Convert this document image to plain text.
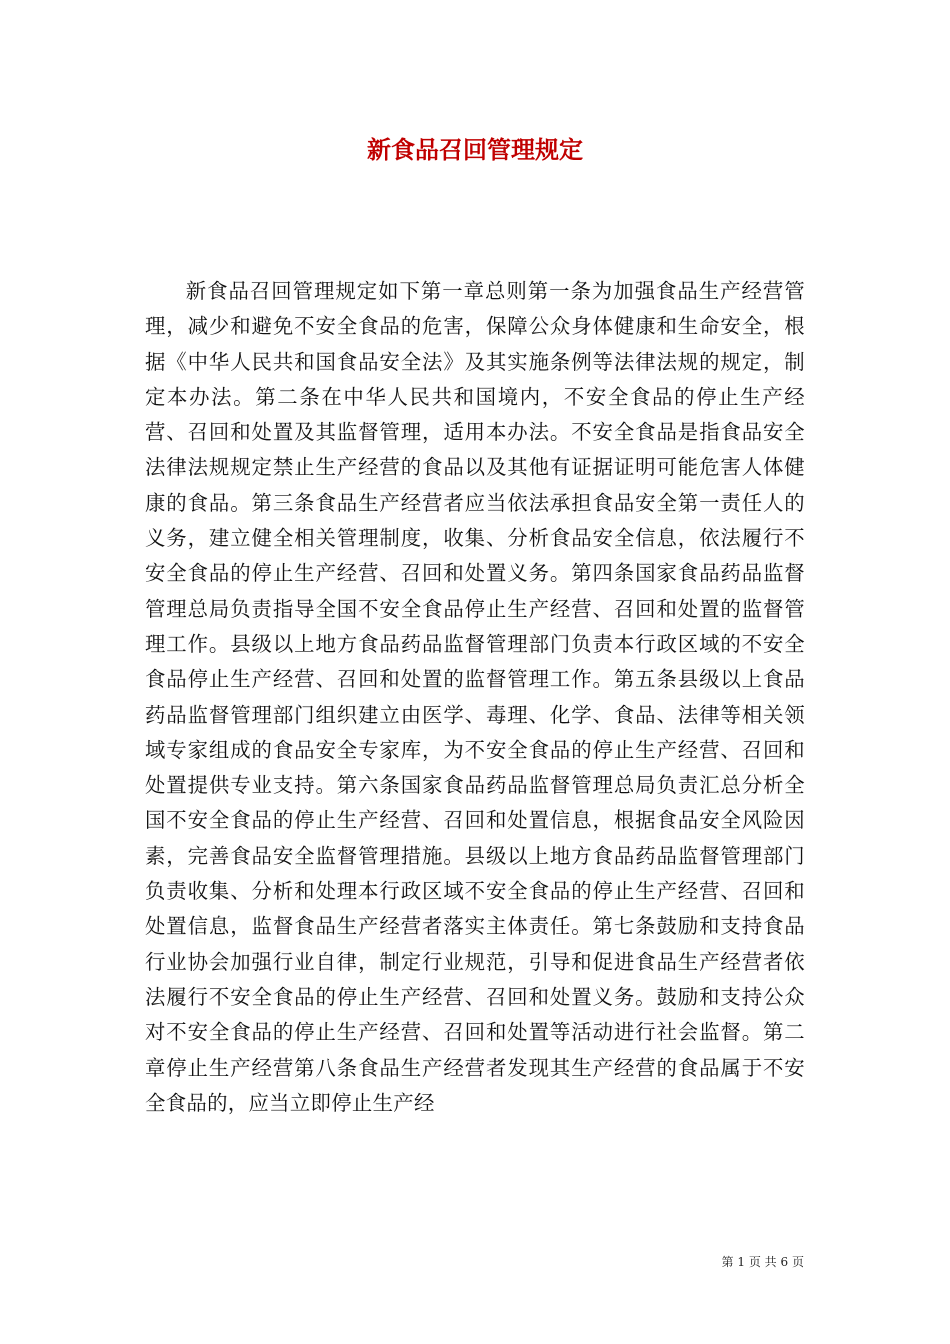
新食品召回管理规定

新食品召回管理规定如下第一章总则第一条为加强食品生产经营管理，减少和避免不安全食品的危害，保障公众身体健康和生命安全，根据《中华人民共和国食品安全法》及其实施条例等法律法规的规定，制定本办法。第二条在中华人民共和国境内，不安全食品的停止生产经营、召回和处置及其监督管理，适用本办法。不安全食品是指食品安全法律法规规定禁止生产经营的食品以及其他有证据证明可能危害人体健康的食品。第三条食品生产经营者应当依法承担食品安全第一责任人的义务，建立健全相关管理制度，收集、分析食品安全信息，依法履行不安全食品的停止生产经营、召回和处置义务。第四条国家食品药品监督管理总局负责指导全国不安全食品停止生产经营、召回和处置的监督管理工作。县级以上地方食品药品监督管理部门负责本行政区域的不安全食品停止生产经营、召回和处置的监督管理工作。第五条县级以上食品药品监督管理部门组织建立由医学、毒理、化学、食品、法律等相关领域专家组成的食品安全专家库，为不安全食品的停止生产经营、召回和处置提供专业支持。第六条国家食品药品监督管理总局负责汇总分析全国不安全食品的停止生产经营、召回和处置信息，根据食品安全风险因素，完善食品安全监督管理措施。县级以上地方食品药品监督管理部门负责收集、分析和处理本行政区域不安全食品的停止生产经营、召回和处置信息，监督食品生产经营者落实主体责任。第七条鼓励和支持食品行业协会加强行业自律，制定行业规范，引导和促进食品生产经营者依法履行不安全食品的停止生产经营、召回和处置义务。鼓励和支持公众对不安全食品的停止生产经营、召回和处置等活动进行社会监督。第二章停止生产经营第八条食品生产经营者发现其生产经营的食品属于不安全食品的，应当立即停止生产经

第 1 页 共 6 页
